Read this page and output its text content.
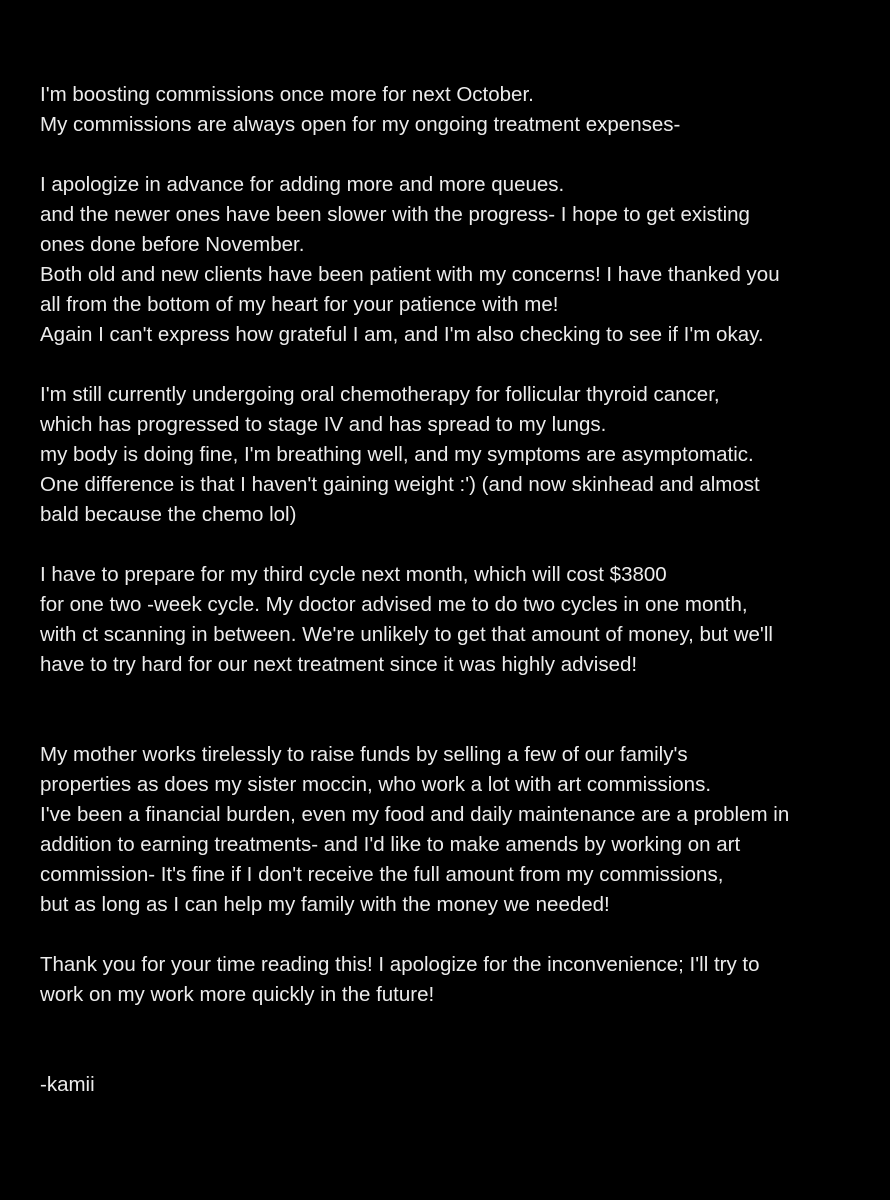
I'm boosting commissions once more for next October.
My commissions are always open for my ongoing treatment expenses-
I apologize in advance for adding more and more queues.
and the newer ones have been slower with the progress- I hope to get existing
ones done before November.
Both old and new clients have been patient with my concerns! I have thanked you
all from the bottom of my heart for your patience with me!
Again I can't express how grateful I am, and I'm also checking to see if I'm okay.
I'm still currently undergoing oral chemotherapy for follicular thyroid cancer,
which has progressed to stage IV and has spread to my lungs.
my body is doing fine, I'm breathing well, and my symptoms are asymptomatic.
One difference is that I haven't gaining weight :') (and now skinhead and almost
bald because the chemo lol)
I have to prepare for my third cycle next month, which will cost $3800
for one two -week cycle. My doctor advised me to do two cycles in one month,
with ct scanning in between. We're unlikely to get that amount of money, but we'll
have to try hard for our next treatment since it was highly advised!
My mother works tirelessly to raise funds by selling a few of our family's
properties as does my sister moccin, who work a lot with art commissions.
I've been a financial burden, even my food and daily maintenance are a problem in
addition to earning treatments- and I'd like to make amends by working on art
commission- It's fine if I don't receive the full amount from my commissions,
but as long as I can help my family with the money we needed!
Thank you for your time reading this! I apologize for the inconvenience; I'll try to
work on my work more quickly in the future!
-kamii
